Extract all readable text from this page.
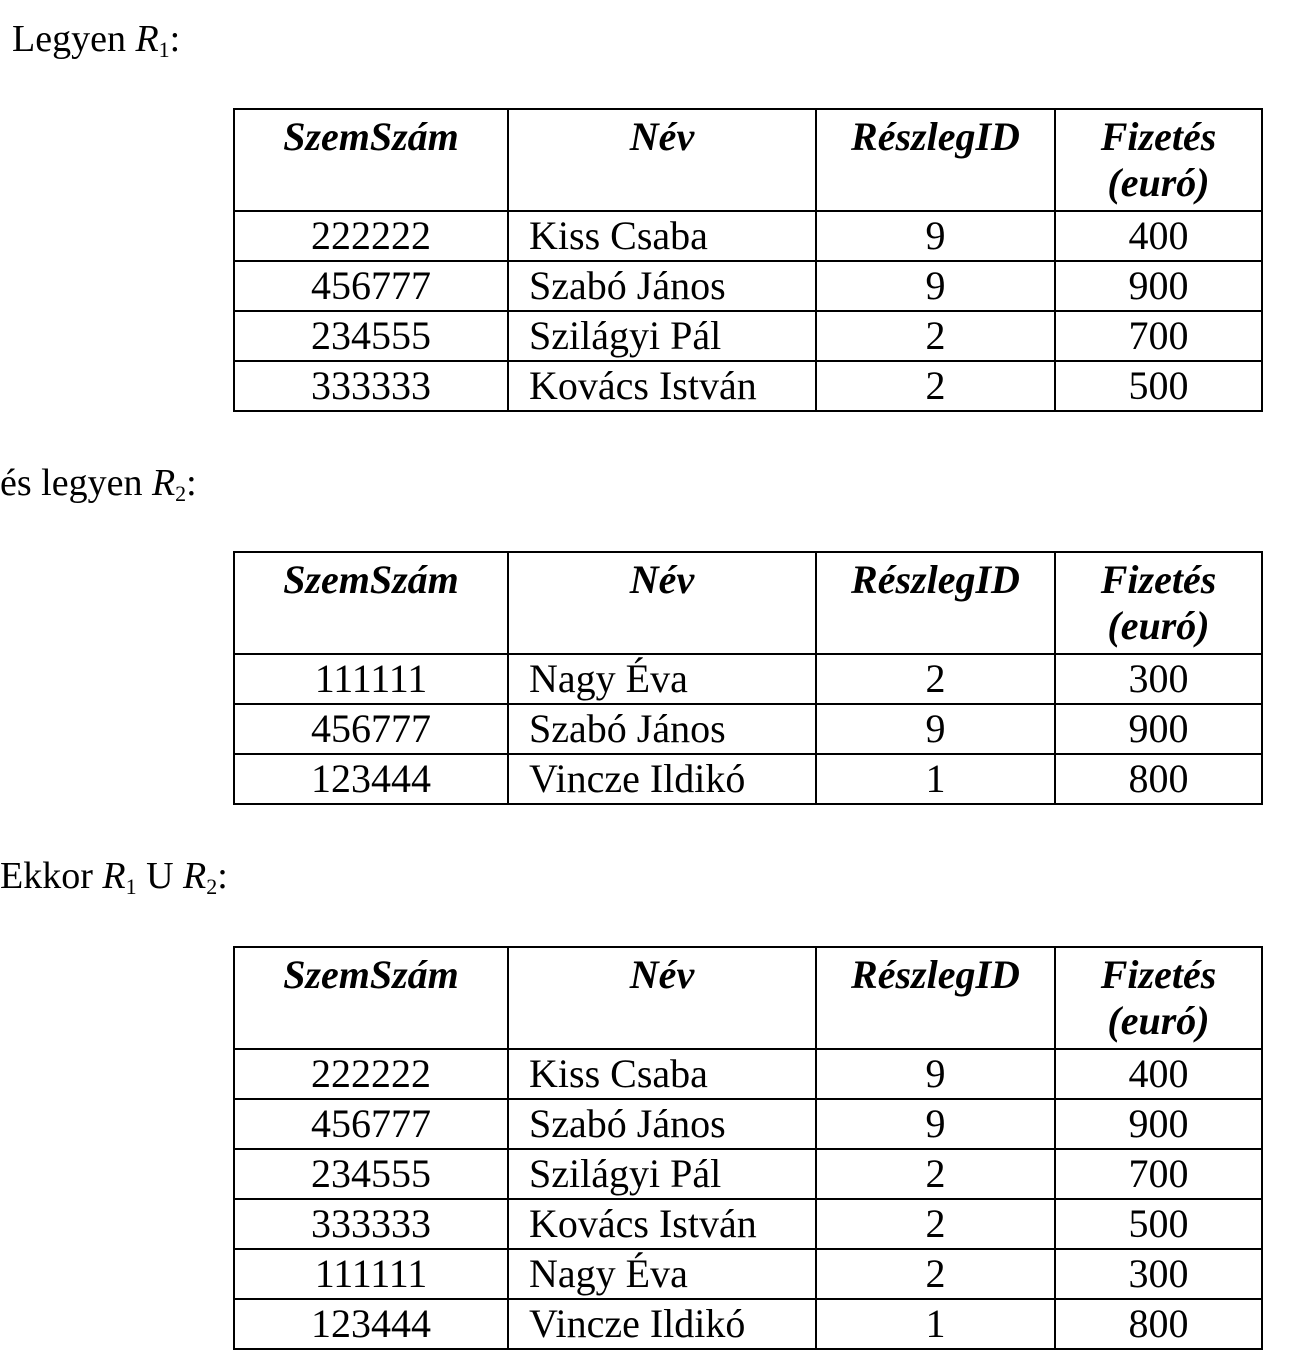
Legyen $R_1$:
SzemSzám	Név	RészlegID	Fizetés
(euró)
222222	Kiss Csaba	9	400
456777	Szabó János	9	900
234555	Szilágyi Pál	2	700
333333	Kovács István	2	500
és legyen $R_2$:
SzemSzám	Név	RészlegID	Fizetés
(euró)
111111	Nagy Éva	2	300
456777	Szabó János	9	900
123444	Vincze Ildikó	1	800
Ekkor $R_1$ U $R_2$:
SzemSzám	Név	RészlegID	Fizetés
(euró)
222222	Kiss Csaba	9	400
456777	Szabó János	9	900
234555	Szilágyi Pál	2	700
333333	Kovács István	2	500
111111	Nagy Éva	2	300
123444	Vincze Ildikó	1	800
